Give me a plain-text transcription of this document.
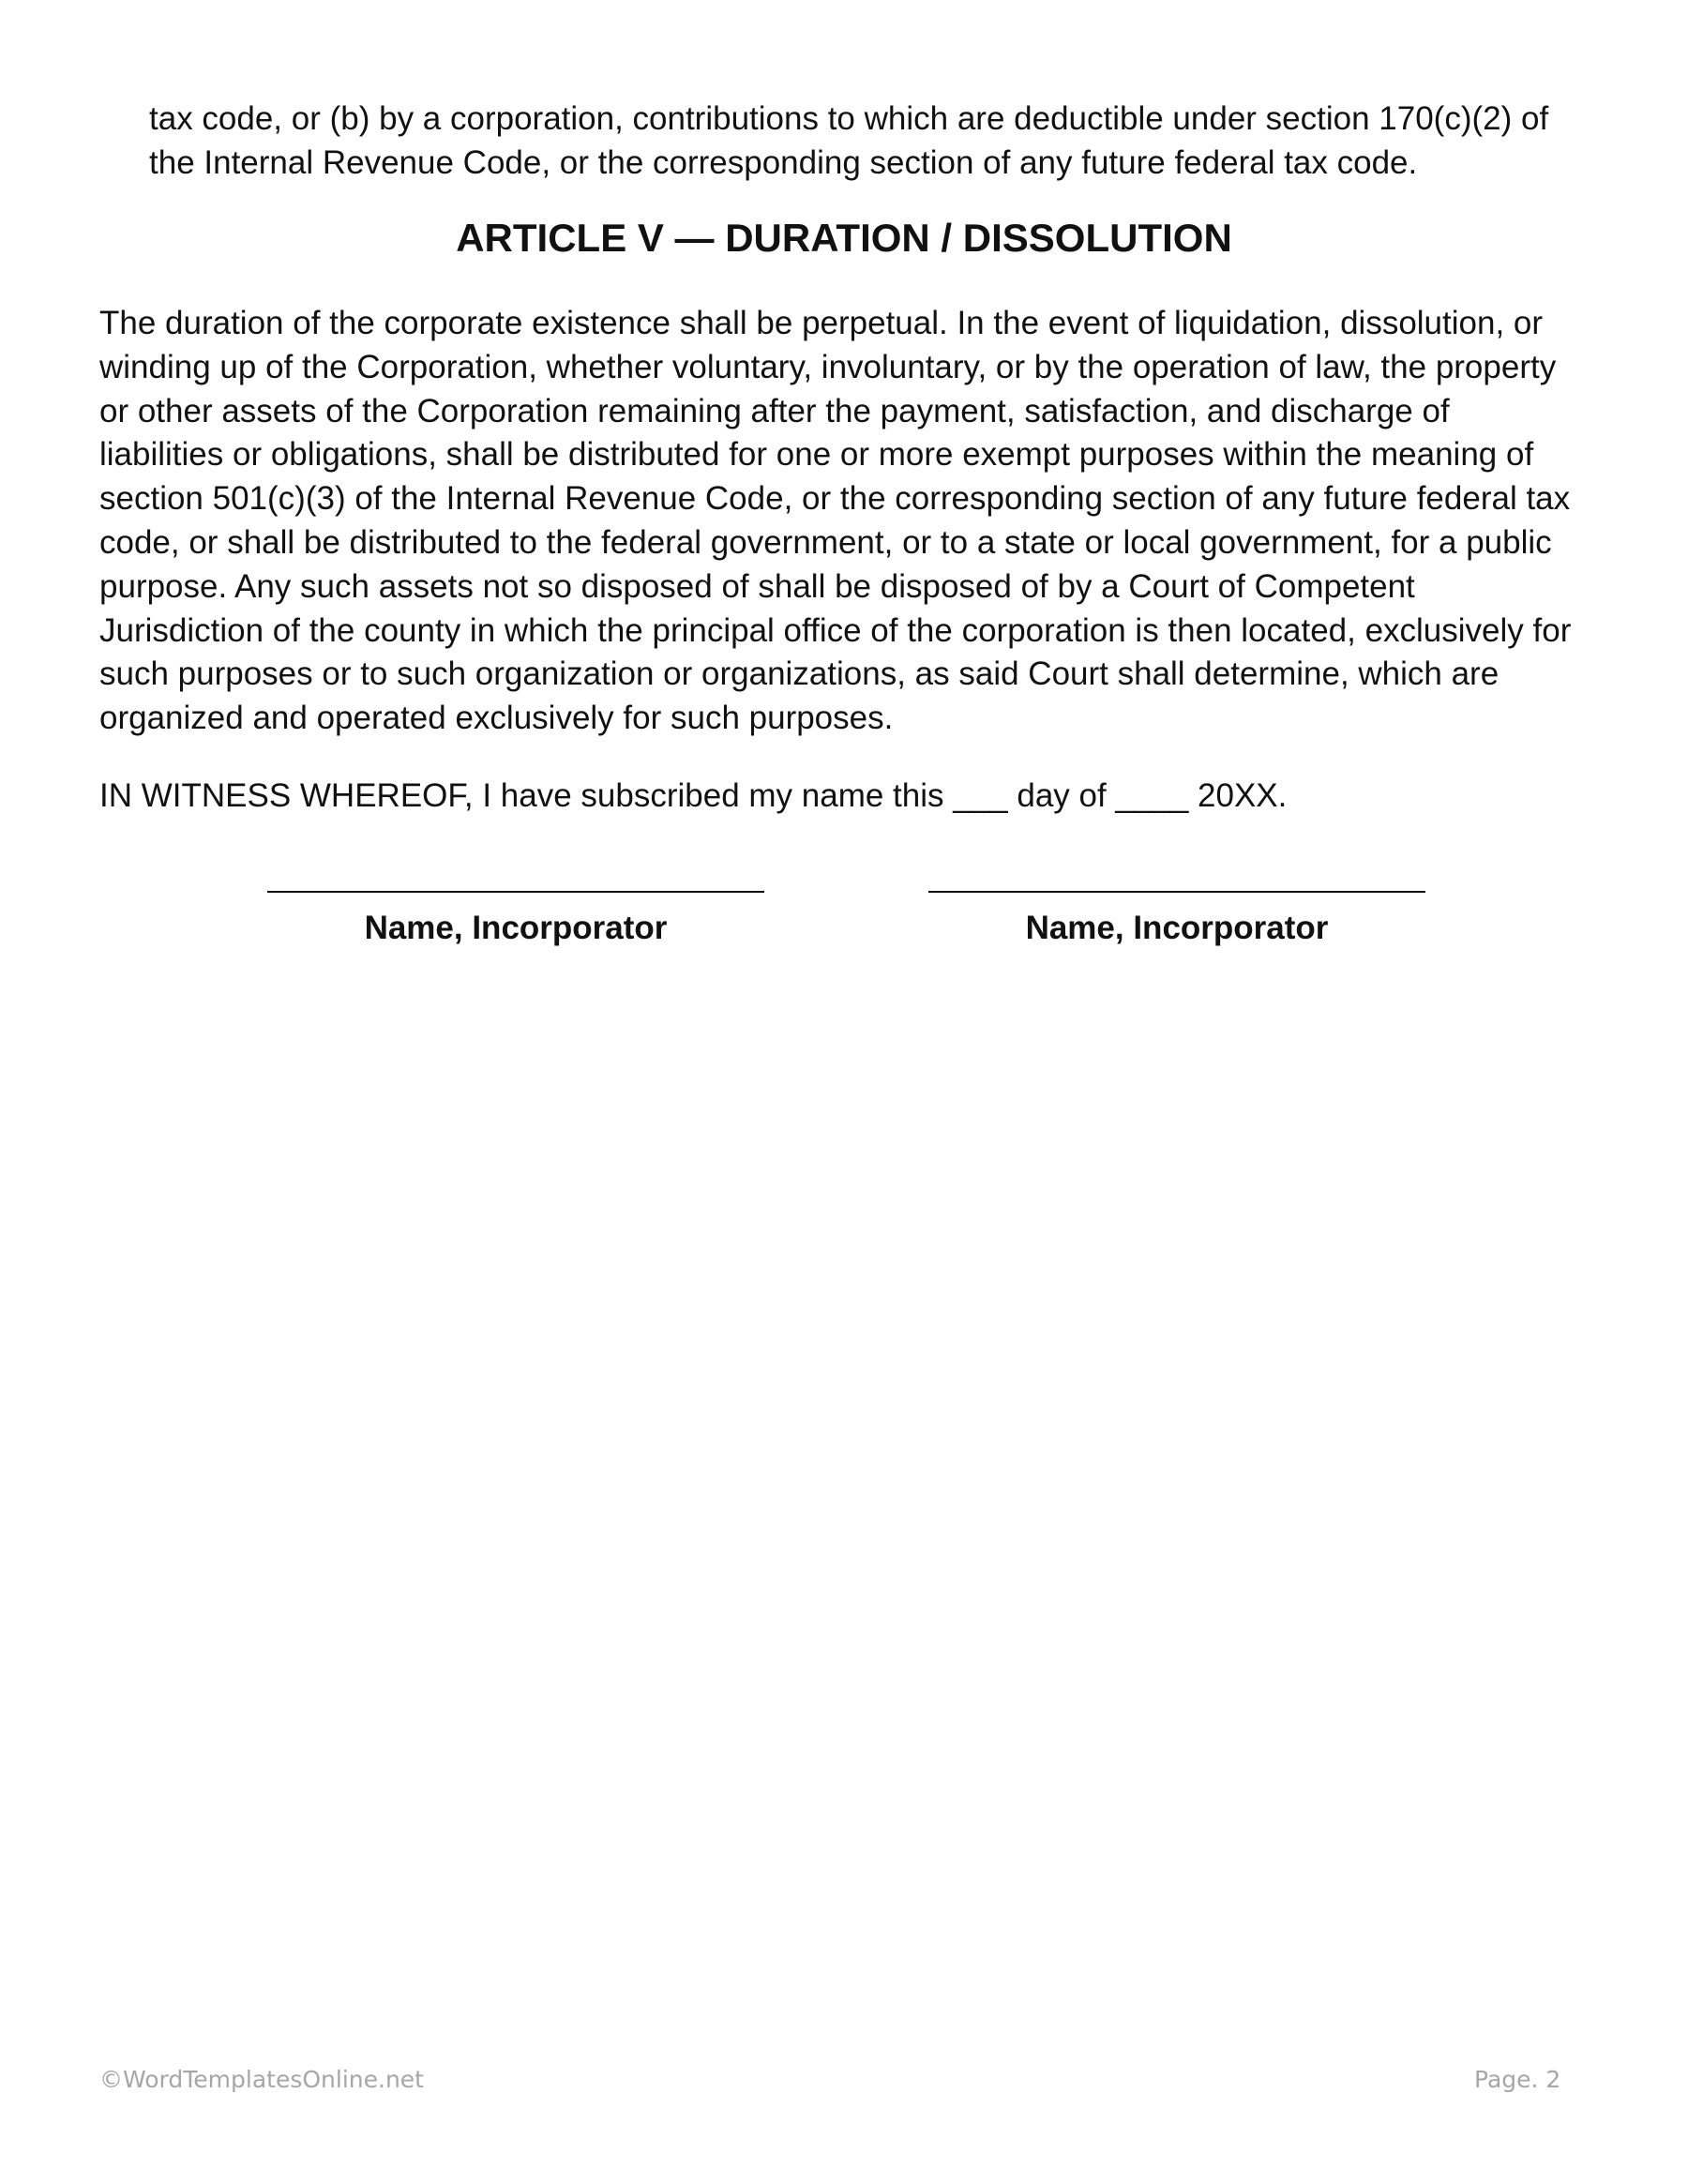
tax code, or (b) by a corporation, contributions to which are deductible under section 170(c)(2) of
the Internal Revenue Code, or the corresponding section of any future federal tax code.

ARTICLE V — DURATION / DISSOLUTION

The duration of the corporate existence shall be perpetual. In the event of liquidation, dissolution, or
winding up of the Corporation, whether voluntary, involuntary, or by the operation of law, the property
or other assets of the Corporation remaining after the payment, satisfaction, and discharge of
liabilities or obligations, shall be distributed for one or more exempt purposes within the meaning of
section 501(c)(3) of the Internal Revenue Code, or the corresponding section of any future federal tax
code, or shall be distributed to the federal government, or to a state or local government, for a public
purpose. Any such assets not so disposed of shall be disposed of by a Court of Competent
Jurisdiction of the county in which the principal office of the corporation is then located, exclusively for
such purposes or to such organization or organizations, as said Court shall determine, which are
organized and operated exclusively for such purposes.

IN WITNESS WHEREOF, I have subscribed my name this ___ day of ____ 20XX.

Name, Incorporator	Name, Incorporator
©WordTemplatesOnline.net	Page. 2
